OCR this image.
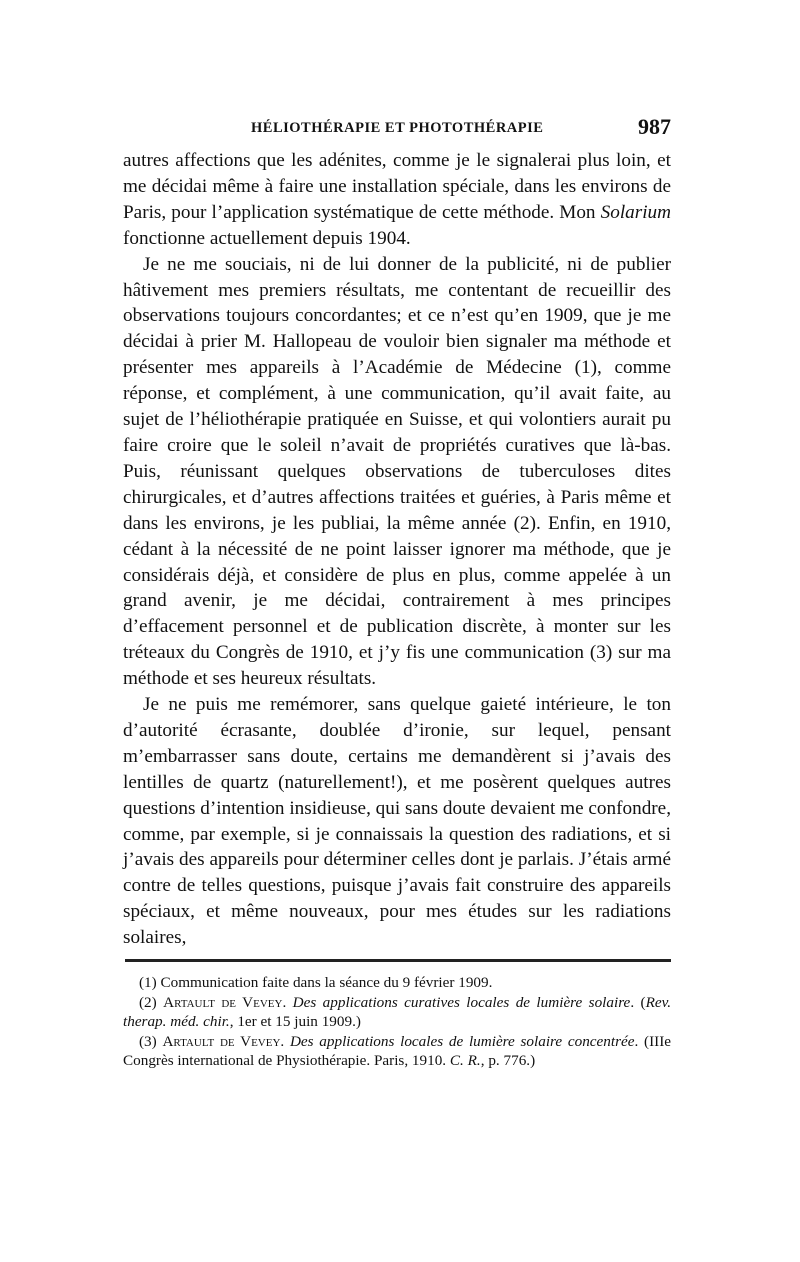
HÉLIOTHÉRAPIE ET PHOTOTHÉRAPIE	987

autres affections que les adénites, comme je le signalerai plus loin, et me décidai même à faire une installation spéciale, dans les environs de Paris, pour l’application systématique de cette méthode. Mon Solarium fonctionne actuellement depuis 1904.

Je ne me souciais, ni de lui donner de la publicité, ni de publier hâtivement mes premiers résultats, me contentant de recueillir des observations toujours concordantes; et ce n’est qu’en 1909, que je me décidai à prier M. Hallopeau de vouloir bien signaler ma méthode et présenter mes appareils à l’Académie de Médecine (1), comme réponse, et complément, à une communication, qu’il avait faite, au sujet de l’héliothérapie pratiquée en Suisse, et qui volontiers aurait pu faire croire que le soleil n’avait de propriétés curatives que là-bas. Puis, réunissant quelques observations de tuberculoses dites chirurgicales, et d’autres affections traitées et guéries, à Paris même et dans les environs, je les publiai, la même année (2). Enfin, en 1910, cédant à la nécessité de ne point laisser ignorer ma méthode, que je considérais déjà, et considère de plus en plus, comme appelée à un grand avenir, je me décidai, contrairement à mes principes d’effacement personnel et de publication discrète, à monter sur les tréteaux du Congrès de 1910, et j’y fis une communication (3) sur ma méthode et ses heureux résultats.

Je ne puis me remémorer, sans quelque gaieté intérieure, le ton d’autorité écrasante, doublée d’ironie, sur lequel, pensant m’embarrasser sans doute, certains me demandèrent si j’avais des lentilles de quartz (naturellement!), et me posèrent quelques autres questions d’intention insidieuse, qui sans doute devaient me confondre, comme, par exemple, si je connaissais la question des radiations, et si j’avais des appareils pour déterminer celles dont je parlais. J’étais armé contre de telles questions, puisque j’avais fait construire des appareils spéciaux, et même nouveaux, pour mes études sur les radiations solaires,

(1) Communication faite dans la séance du 9 février 1909.

(2) Artault de Vevey. Des applications curatives locales de lumière solaire. (Rev. therap. méd. chir., 1er et 15 juin 1909.)

(3) Artault de Vevey. Des applications locales de lumière solaire concentrée. (IIIe Congrès international de Physiothérapie. Paris, 1910. C. R., p. 776.)
